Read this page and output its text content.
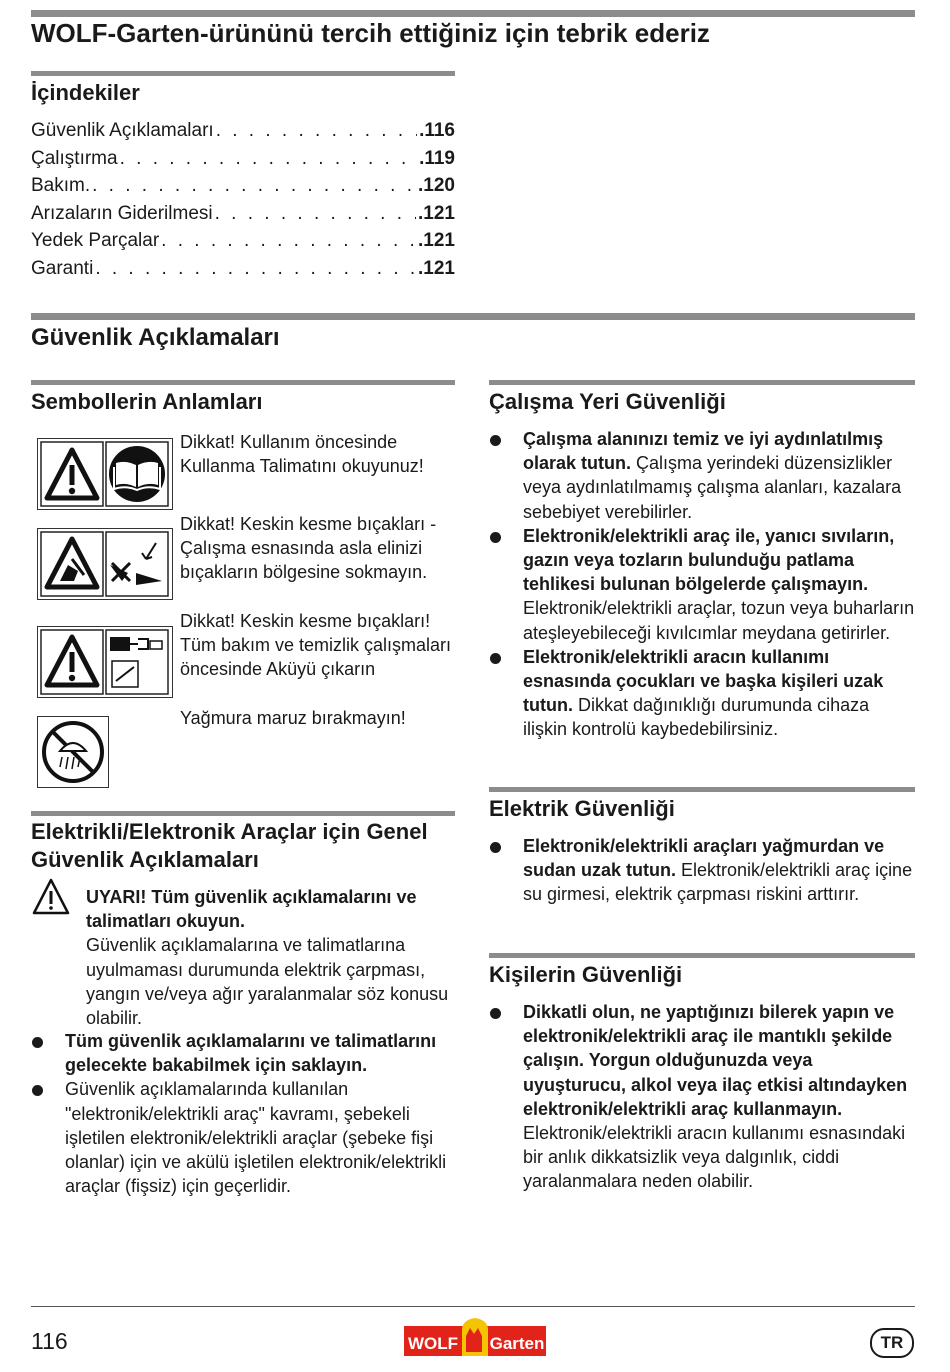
WOLF-Garten-ürününü tercih ettiğiniz için tebrik ederiz
İçindekiler
Güvenlik Açıklamaları . . .	.116
Çalıştırma . . .	.119
Bakım. . . .	.120
Arızaların Giderilmesi . . .	.121
Yedek Parçalar . . .	.121
Garanti . . .	.121
Güvenlik Açıklamaları
Sembollerin Anlamları
Dikkat! Kullanım öncesinde Kullanma Talimatını okuyunuz!
Dikkat! Keskin kesme bıçakları - Çalışma esnasında asla elinizi bıçakların bölgesine sokmayın.
Dikkat! Keskin kesme bıçakları! Tüm bakım ve temizlik çalışmaları öncesinde Aküyü çıkarın
Yağmura maruz bırakmayın!
Elektrikli/Elektronik Araçlar için Genel Güvenlik Açıklamaları

UYARI! Tüm güvenlik açıklamalarını ve talimatları okuyun.

Güvenlik açıklamalarına ve talimatlarına uyulmaması durumunda elektrik çarpması, yangın ve/veya ağır yaralanmalar söz konusu olabilir.

Tüm güvenlik açıklamalarını ve talimatlarını gelecekte bakabilmek için saklayın.
Güvenlik açıklamalarında kullanılan "elektronik/elektrikli araç" kavramı, şebekeli işletilen elektronik/elektrikli araçlar (şebeke fişi olanlar) için ve akülü işletilen elektronik/elektrikli araçlar (fişsiz) için geçerlidir.
Çalışma Yeri Güvenliği
Çalışma alanınızı temiz ve iyi aydınlatılmış olarak tutun. Çalışma yerindeki düzensizlikler veya aydınlatılmamış çalışma alanları, kazalara sebebiyet verebilirler.
Elektronik/elektrikli araç ile, yanıcı sıvıların, gazın veya tozların bulunduğu patlama tehlikesi bulunan bölgelerde çalışmayın. Elektronik/elektrikli araçlar, tozun veya buharların ateşleyebileceği kıvılcımlar meydana getirirler.
Elektronik/elektrikli aracın kullanımı esnasında çocukları ve başka kişileri uzak tutun. Dikkat dağınıklığı durumunda cihaza ilişkin kontrolü kaybedebilirsiniz.
Elektrik Güvenliği
Elektronik/elektrikli araçları yağmurdan ve sudan uzak tutun. Elektronik/elektrikli araç içine su girmesi, elektrik çarpması riskini arttırır.
Kişilerin Güvenliği
Dikkatli olun, ne yaptığınızı bilerek yapın ve elektronik/elektrikli araç ile mantıklı şekilde çalışın. Yorgun olduğunuzda veya uyuşturucu, alkol veya ilaç etkisi altındayken elektronik/elektrikli araç kullanmayın. Elektronik/elektrikli aracın kullanımı esnasındaki bir anlık dikkatsizlik veya dalgınlık, ciddi yaralanmalara neden olabilir.
116	WOLF Garten	TR
